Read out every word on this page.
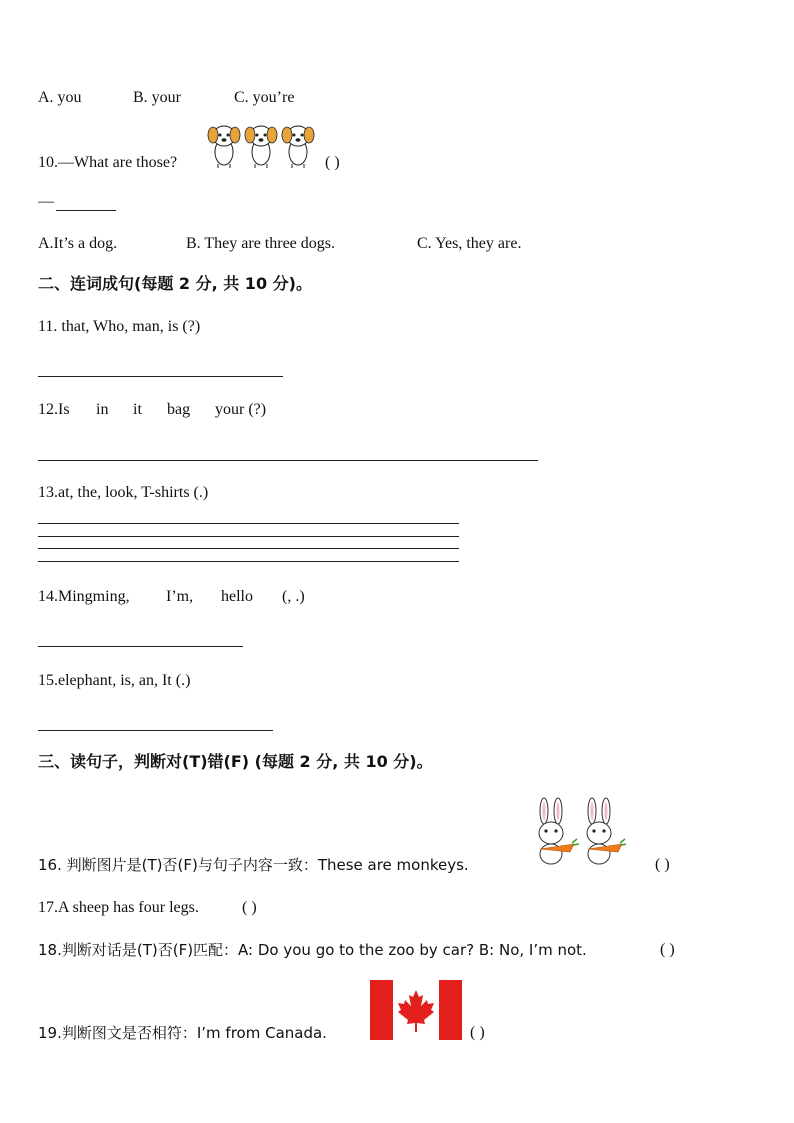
A. you	B. your	C. you’re
10.—What are those?	( )
—
A.It’s a dog.	B. They are three dogs.	C. Yes, they are.
二、连词成句(每题 2 分, 共 10 分)。
11. that, Who, man, is (?)
12.Is in it bag your (?)
13.at, the, look, T-shirts (.)
14.Mingming, I’m, hello (, .)
15.elephant, is, an, It (.)
三、读句子，判断对(T)错(F) (每题 2 分, 共 10 分)。
16. 判断图片是(T)否(F)与句子内容一致：These are monkeys.	( )
17.A sheep has four legs.	( )
18.判断对话是(T)否(F)匹配：A: Do you go to the zoo by car? B: No, I’m not.	( )
19.判断图文是否相符：I’m from Canada.	( )
